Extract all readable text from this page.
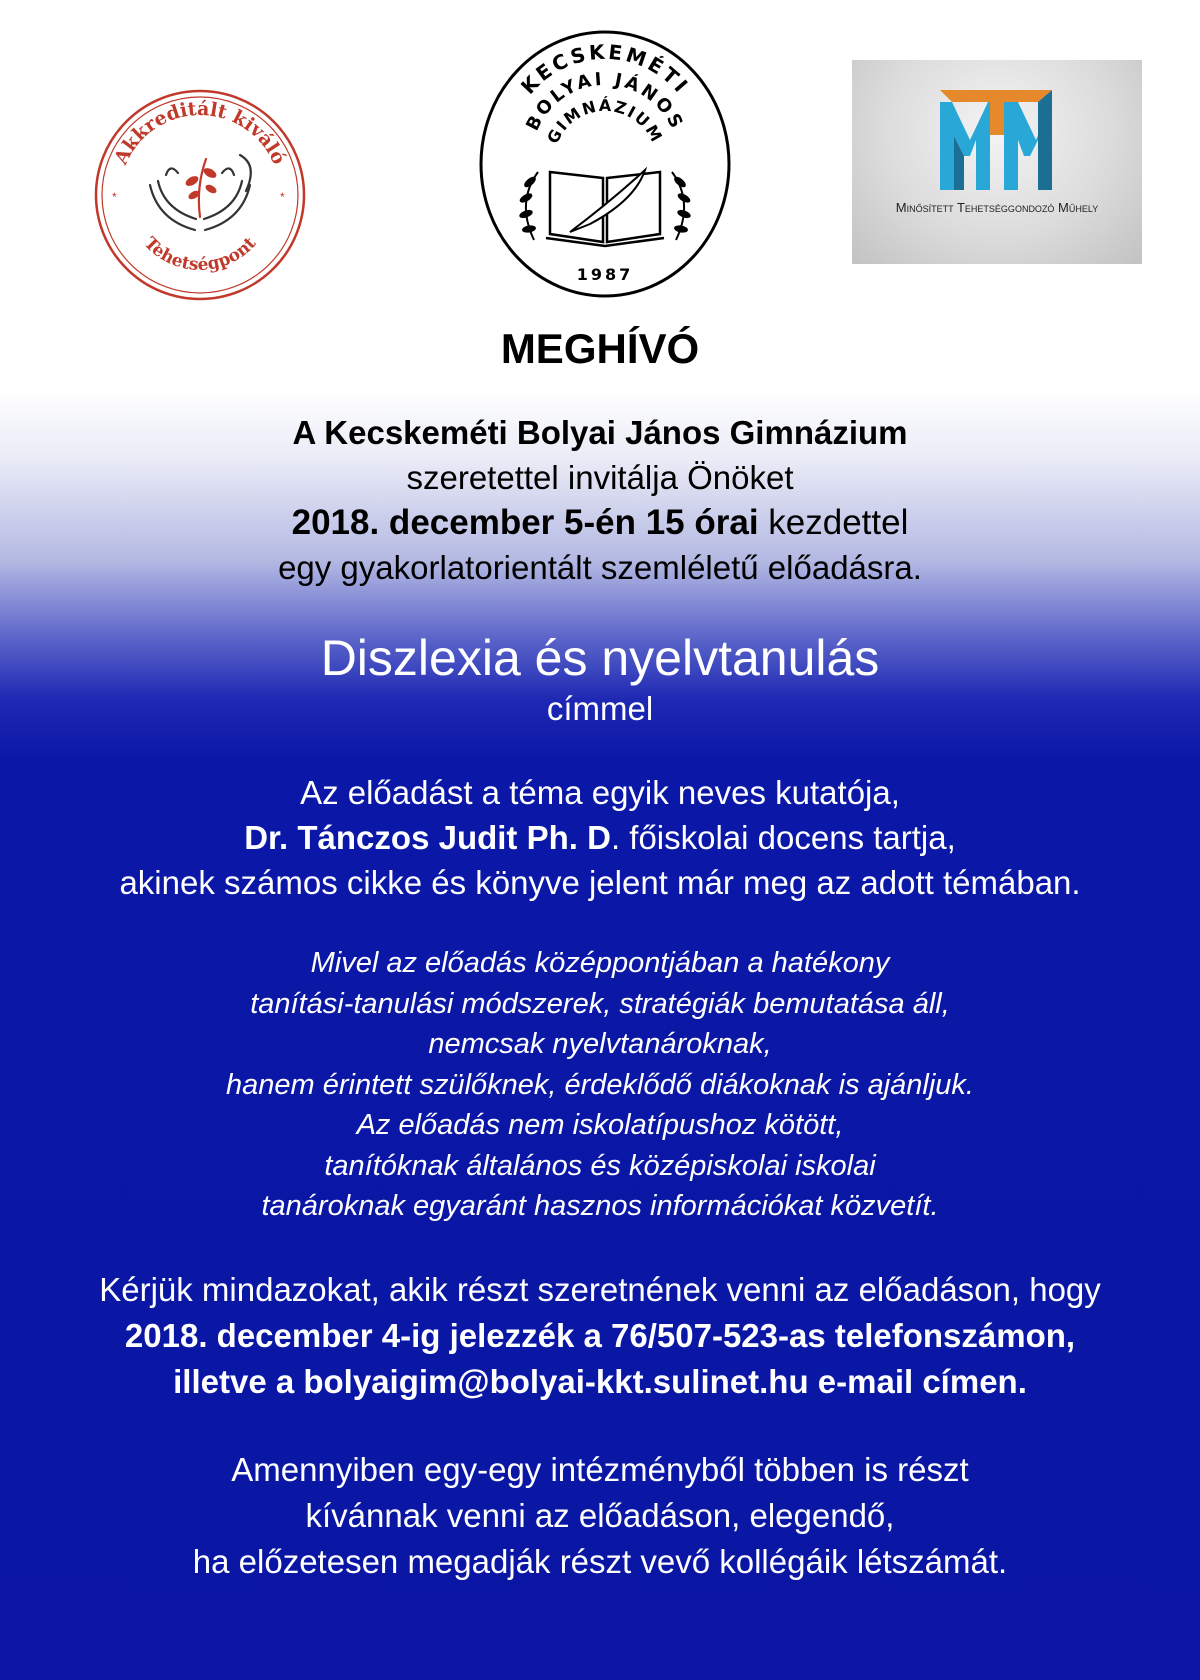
Akkreditált kiváló
Tehetségpont
*	*
KECSKEMÉTI
BOLYAI JÁNOS
GIMNÁZIUM
1987
Minősített Tehetséggondozó Műhely
MEGHÍVÓ
A Kecskeméti Bolyai János Gimnázium
szeretettel invitálja Önöket
2018. december 5-én 15 órai kezdettel
egy gyakorlatorientált szemléletű előadásra.
Diszlexia és nyelvtanulás
címmel
Az előadást a téma egyik neves kutatója,
Dr. Tánczos Judit Ph. D. főiskolai docens tartja,
akinek számos cikke és könyve jelent már meg az adott témában.
Mivel az előadás középpontjában a hatékony
tanítási-tanulási módszerek, stratégiák bemutatása áll,
nemcsak nyelvtanároknak,
hanem érintett szülőknek, érdeklődő diákoknak is ajánljuk.
Az előadás nem iskolatípushoz kötött,
tanítóknak általános és középiskolai iskolai
tanároknak egyaránt hasznos információkat közvetít.
Kérjük mindazokat, akik részt szeretnének venni az előadáson, hogy
2018. december 4-ig jelezzék a 76/507-523-as telefonszámon,
illetve a bolyaigim@bolyai-kkt.sulinet.hu e-mail címen.
Amennyiben egy-egy intézményből többen is részt
kívánnak venni az előadáson, elegendő,
ha előzetesen megadják részt vevő kollégáik létszámát.
